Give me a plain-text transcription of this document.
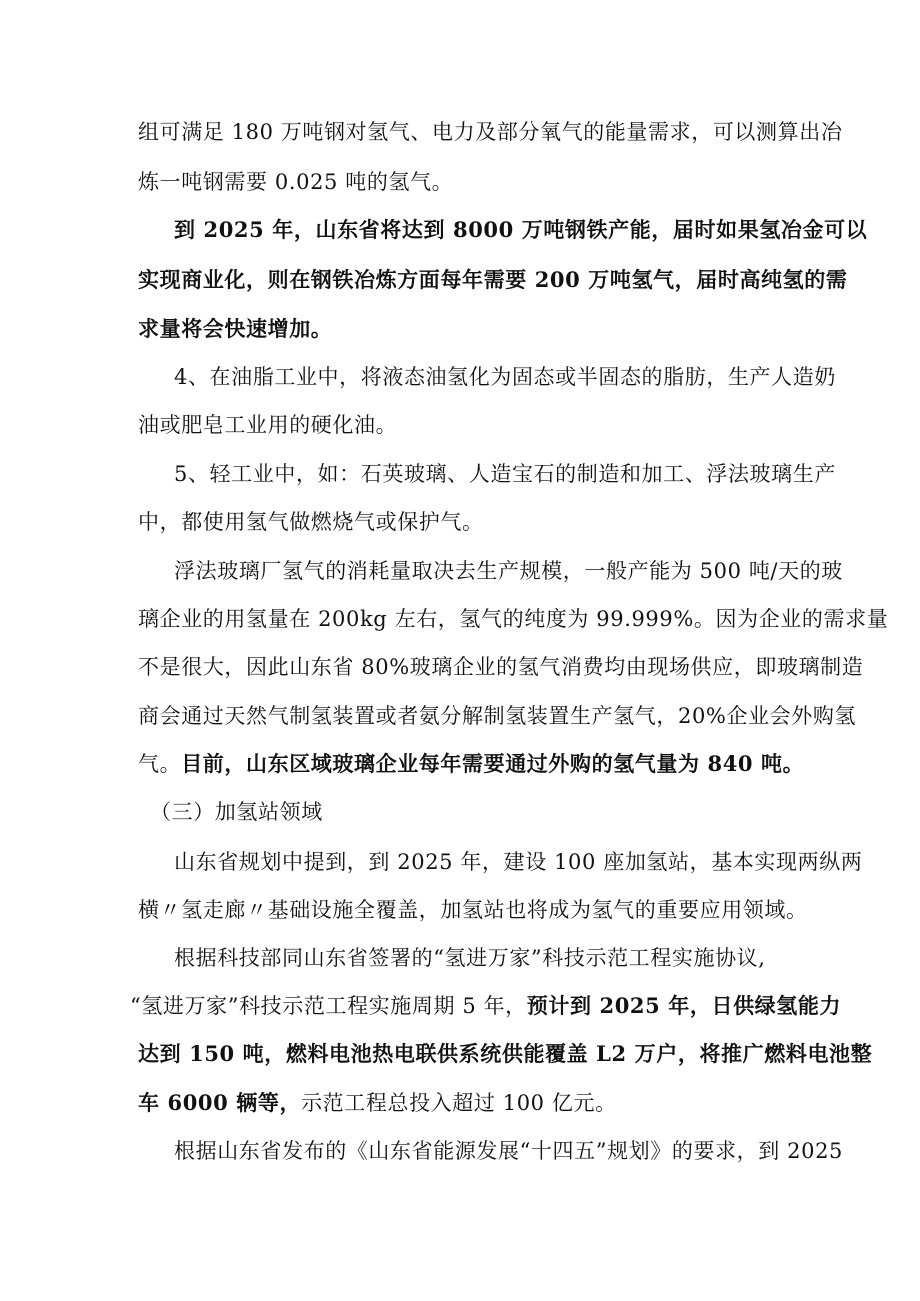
组可满足 180 万吨钢对氢气、电力及部分氧气的能量需求，可以测算出冶
炼一吨钢需要 0.025 吨的氢气。
到 2025 年，山东省将达到 8000 万吨钢铁产能，届时如果氢冶金可以
实现商业化，则在钢铁冶炼方面每年需要 200 万吨氢气，届时高纯氢的需
求量将会快速增加。
4、在油脂工业中，将液态油氢化为固态或半固态的脂肪，生产人造奶
油或肥皂工业用的硬化油。
5、轻工业中，如：石英玻璃、人造宝石的制造和加工、浮法玻璃生产
中，都使用氢气做燃烧气或保护气。
浮法玻璃厂氢气的消耗量取决去生产规模，一般产能为 500 吨/天的玻
璃企业的用氢量在 200kg 左右，氢气的纯度为 99.999%。因为企业的需求量
不是很大，因此山东省 80%玻璃企业的氢气消费均由现场供应，即玻璃制造
商会通过天然气制氢装置或者氨分解制氢装置生产氢气，20%企业会外购氢
气。目前，山东区域玻璃企业每年需要通过外购的氢气量为 840 吨。
（三）加氢站领域
山东省规划中提到，到 2025 年，建设 100 座加氢站，基本实现两纵两
横〃氢走廊〃基础设施全覆盖，加氢站也将成为氢气的重要应用领域。
根据科技部同山东省签署的“氢进万家”科技示范工程实施协议,
“氢进万家”科技示范工程实施周期 5 年，预计到 2025 年，日供绿氢能力
达到 150 吨，燃料电池热电联供系统供能覆盖 L2 万户，将推广燃料电池整
车 6000 辆等，示范工程总投入超过 100 亿元。
根据山东省发布的《山东省能源发展“十四五”规划》的要求，到 2025
